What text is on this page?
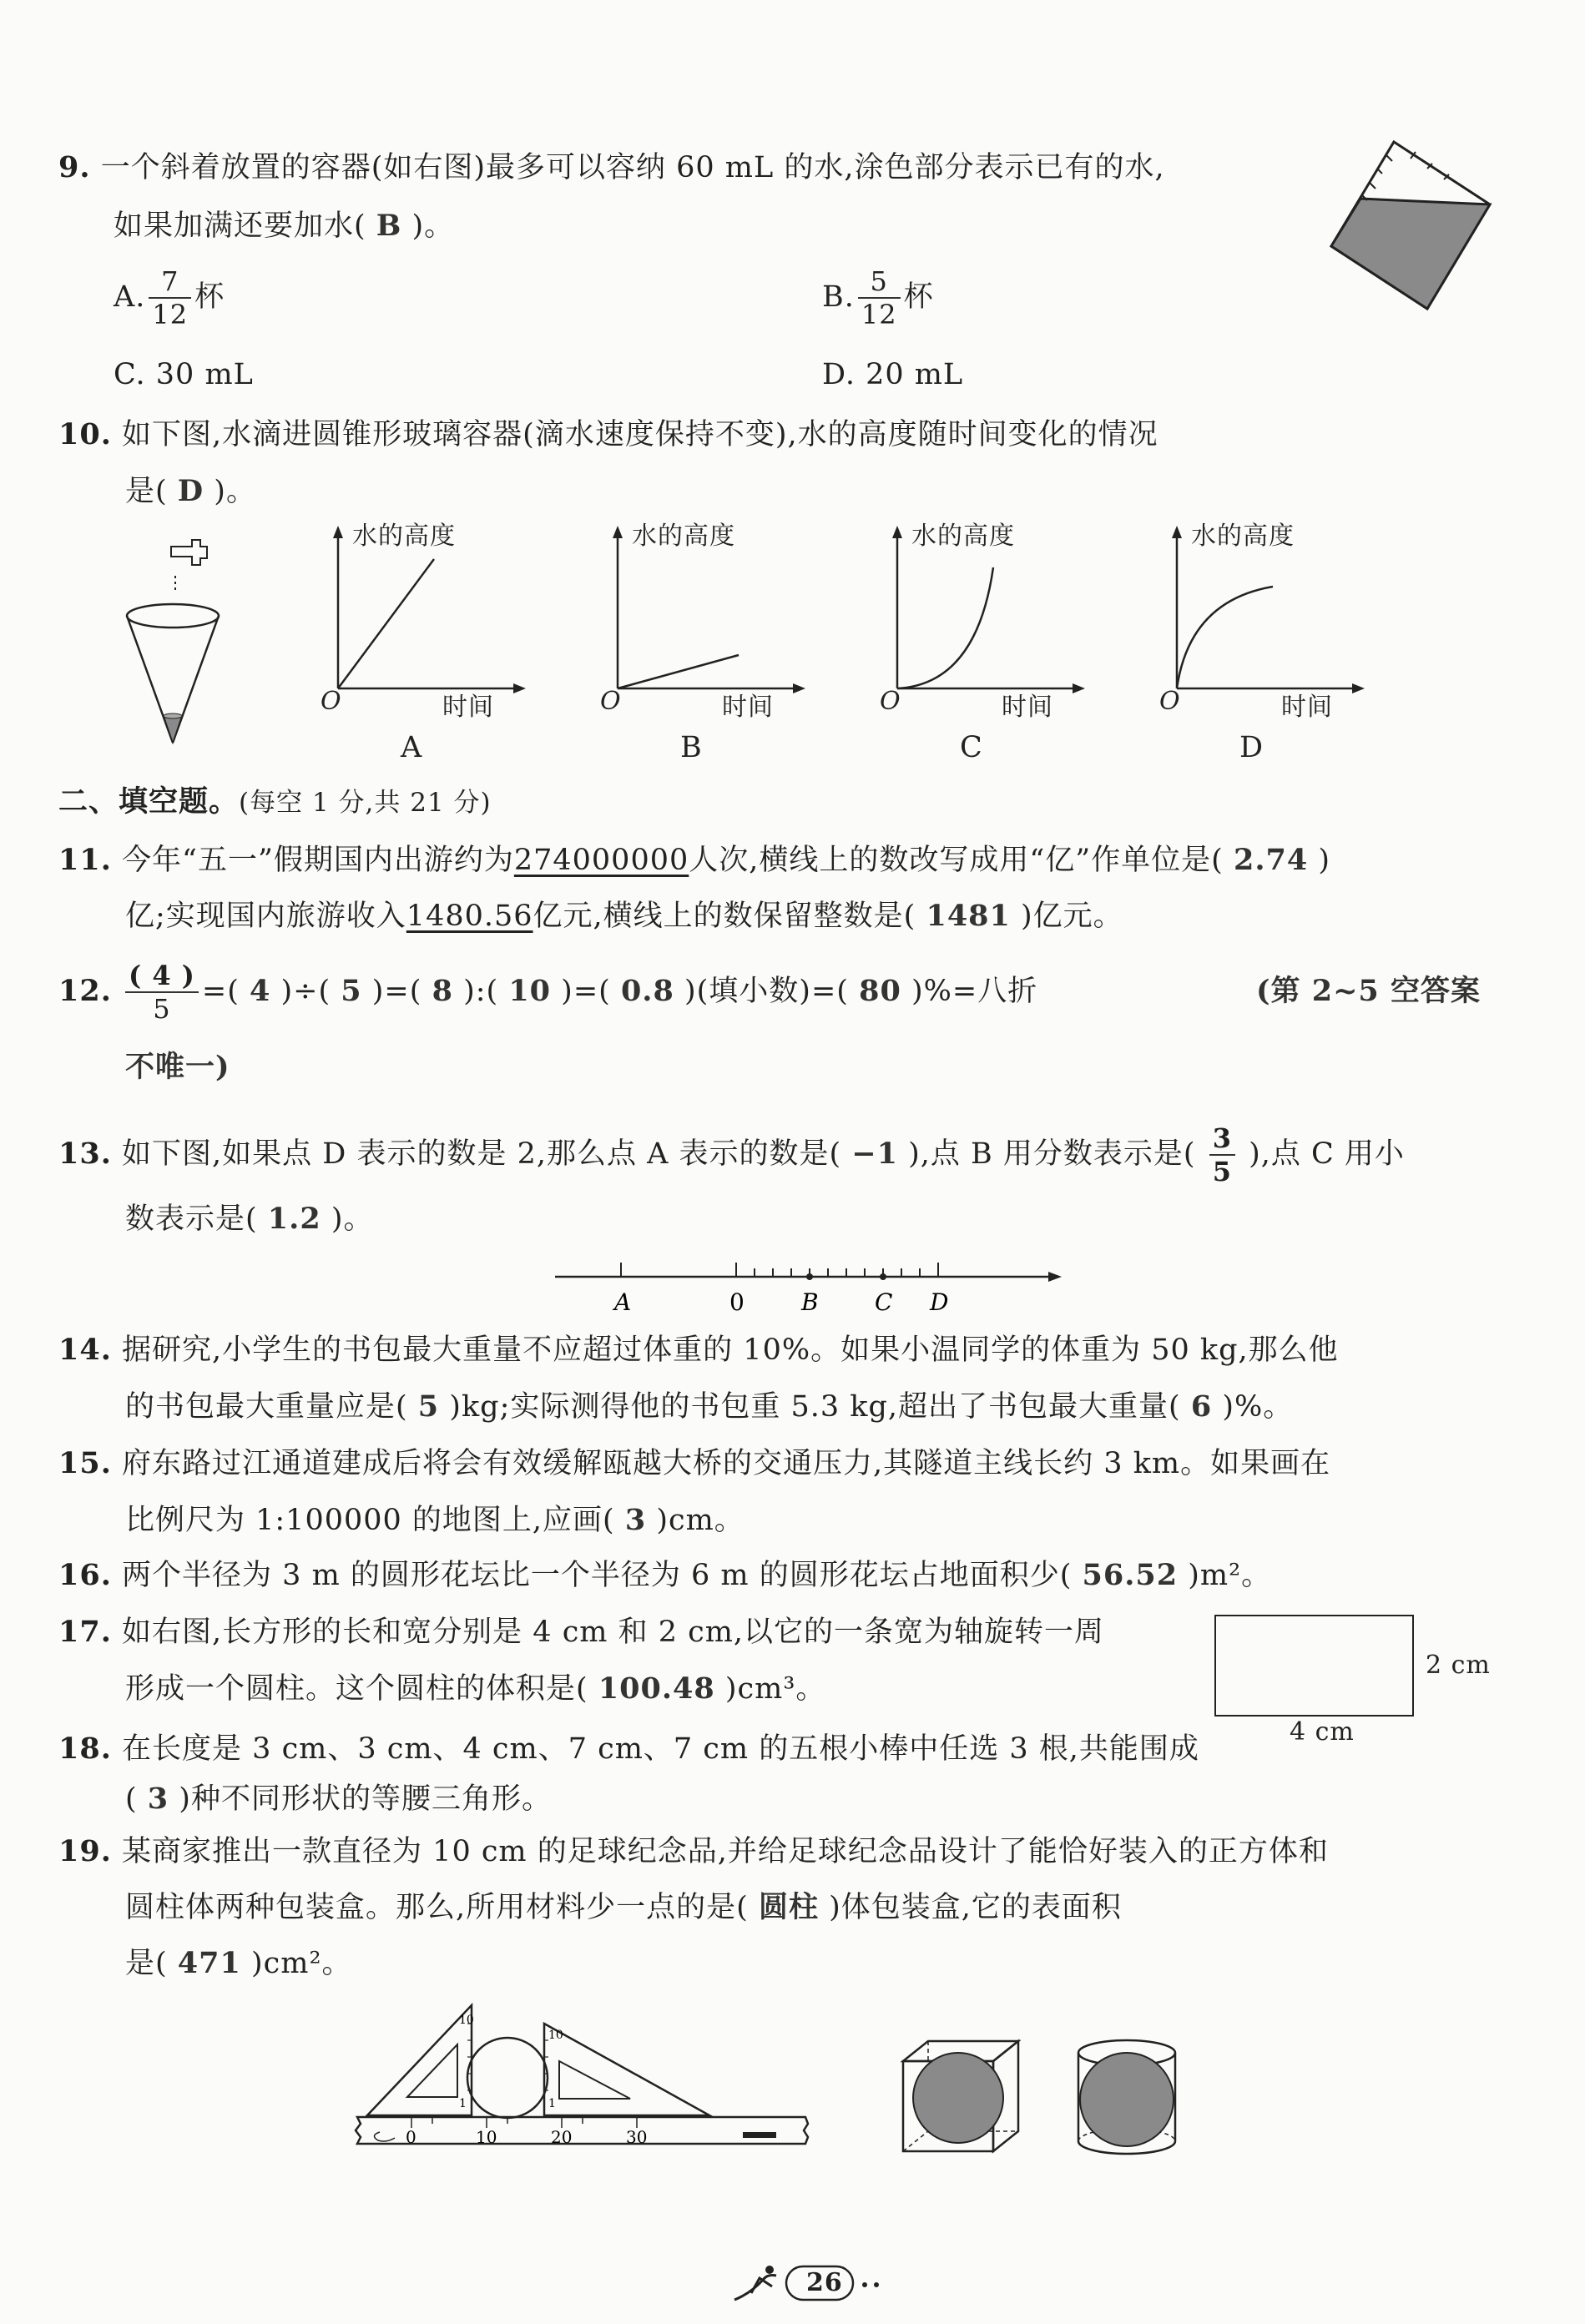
9. 一个斜着放置的容器(如右图)最多可以容纳 60 mL 的水,涂色部分表示已有的水,
如果加满还要加水( B )。
A. $\frac{7}{12}$ 杯	B. $\frac{5}{12}$ 杯
C. 30 mL	D. 20 mL
10. 如下图,水滴进圆锥形玻璃容器(滴水速度保持不变),水的高度随时间变化的情况
是( D )。
水的高度
O	时间
A
水的高度
O	时间
B
水的高度
O	时间
C
水的高度
O	时间
D
二、填空题。(每空 1 分,共 21 分)
11. 今年“五一”假期国内出游约为274000000人次,横线上的数改写成用“亿”作单位是( 2.74 )
亿;实现国内旅游收入1480.56亿元,横线上的数保留整数是( 1481 )亿元。
12. $\frac{( 4 )}{5}$ =( 4 )÷( 5 )=( 8 ):( 10 )=( 0.8 )(填小数)=( 80 )%=八折	(第 2~5 空答案
不唯一)
13. 如下图,如果点 D 表示的数是 2,那么点 A 表示的数是( −1 ),点 B 用分数表示是( $\frac{3}{5}$ ),点 C 用小
数表示是( 1.2 )。
A	0 B C D
14. 据研究,小学生的书包最大重量不应超过体重的 10%。如果小温同学的体重为 50 kg,那么他
的书包最大重量应是( 5 )kg;实际测得他的书包重 5.3 kg,超出了书包最大重量( 6 )%。
15. 府东路过江通道建成后将会有效缓解瓯越大桥的交通压力,其隧道主线长约 3 km。如果画在
比例尺为 1:100000 的地图上,应画( 3 )cm。
16. 两个半径为 3 m 的圆形花坛比一个半径为 6 m 的圆形花坛占地面积少( 56.52 )m²。
17. 如右图,长方形的长和宽分别是 4 cm 和 2 cm,以它的一条宽为轴旋转一周
形成一个圆柱。这个圆柱的体积是( 100.48 )cm³。
2 cm
4 cm
18. 在长度是 3 cm、3 cm、4 cm、7 cm、7 cm 的五根小棒中任选 3 根,共能围成
( 3 )种不同形状的等腰三角形。
19. 某商家推出一款直径为 10 cm 的足球纪念品,并给足球纪念品设计了能恰好装入的正方体和
圆柱体两种包装盒。那么,所用材料少一点的是( 圆柱 )体包装盒,它的表面积
是( 471 )cm²。
10
1
10
1
0	10	20	30
26
